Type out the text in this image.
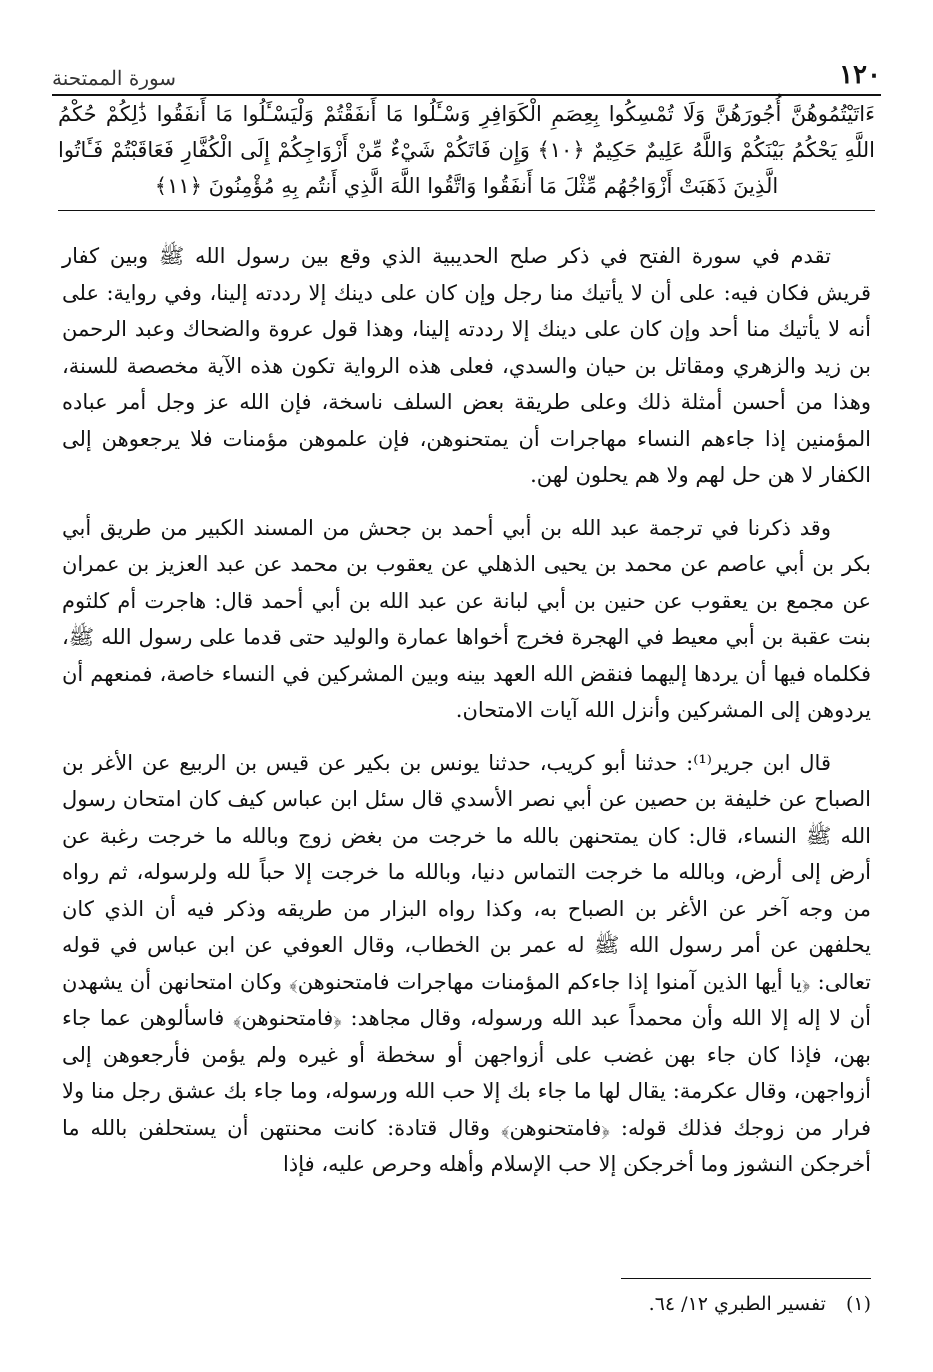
١٢٠
سورة الممتحنة
ءَاتَيْتُمُوهُنَّ أُجُورَهُنَّ وَلَا تُمْسِكُوا بِعِصَمِ الْكَوَافِرِ وَسْـَٔلُوا مَا أَنفَقْتُمْ وَلْيَسْـَٔلُوا مَا أَنفَقُوا ذَٰلِكُمْ حُكْمُ اللَّهِ يَحْكُمُ بَيْنَكُمْ وَاللَّهُ عَلِيمٌ حَكِيمٌ ﴿١٠﴾ وَإِن فَاتَكُمْ شَيْءٌ مِّنْ أَزْوَاجِكُمْ إِلَى الْكُفَّارِ فَعَاقَبْتُمْ فَـَٔاتُوا الَّذِينَ ذَهَبَتْ أَزْوَاجُهُم مِّثْلَ مَا أَنفَقُوا وَاتَّقُوا اللَّهَ الَّذِي أَنتُم بِهِ مُؤْمِنُونَ ﴿١١﴾

تقدم في سورة الفتح في ذكر صلح الحديبية الذي وقع بين رسول الله ﷺ وبين كفار قريش فكان فيه: على أن لا يأتيك منا رجل وإن كان على دينك إلا رددته إلينا، وفي رواية: على أنه لا يأتيك منا أحد وإن كان على دينك إلا رددته إلينا، وهذا قول عروة والضحاك وعبد الرحمن بن زيد والزهري ومقاتل بن حيان والسدي، فعلى هذه الرواية تكون هذه الآية مخصصة للسنة، وهذا من أحسن أمثلة ذلك وعلى طريقة بعض السلف ناسخة، فإن الله عز وجل أمر عباده المؤمنين إذا جاءهم النساء مهاجرات أن يمتحنوهن، فإن علموهن مؤمنات فلا يرجعوهن إلى الكفار لا هن حل لهم ولا هم يحلون لهن.

وقد ذكرنا في ترجمة عبد الله بن أبي أحمد بن جحش من المسند الكبير من طريق أبي بكر بن أبي عاصم عن محمد بن يحيى الذهلي عن يعقوب بن محمد عن عبد العزيز بن عمران عن مجمع بن يعقوب عن حنين بن أبي لبانة عن عبد الله بن أبي أحمد قال: هاجرت أم كلثوم بنت عقبة بن أبي معيط في الهجرة فخرج أخواها عمارة والوليد حتى قدما على رسول الله ﷺ، فكلماه فيها أن يردها إليهما فنقض الله العهد بينه وبين المشركين في النساء خاصة، فمنعهم أن يردوهن إلى المشركين وأنزل الله آيات الامتحان.

قال ابن جرير⁽¹⁾: حدثنا أبو كريب، حدثنا يونس بن بكير عن قيس بن الربيع عن الأغر بن الصباح عن خليفة بن حصين عن أبي نصر الأسدي قال سئل ابن عباس كيف كان امتحان رسول الله ﷺ النساء، قال: كان يمتحنهن بالله ما خرجت من بغض زوج وبالله ما خرجت رغبة عن أرض إلى أرض، وبالله ما خرجت التماس دنيا، وبالله ما خرجت إلا حباً لله ولرسوله، ثم رواه من وجه آخر عن الأغر بن الصباح به، وكذا رواه البزار من طريقه وذكر فيه أن الذي كان يحلفهن عن أمر رسول الله ﷺ له عمر بن الخطاب، وقال العوفي عن ابن عباس في قوله تعالى: ﴿يا أيها الذين آمنوا إذا جاءكم المؤمنات مهاجرات فامتحنوهن﴾ وكان امتحانهن أن يشهدن أن لا إله إلا الله وأن محمداً عبد الله ورسوله، وقال مجاهد: ﴿فامتحنوهن﴾ فاسألوهن عما جاء بهن، فإذا كان جاء بهن غضب على أزواجهن أو سخطة أو غيره ولم يؤمن فأرجعوهن إلى أزواجهن، وقال عكرمة: يقال لها ما جاء بك إلا حب الله ورسوله، وما جاء بك عشق رجل منا ولا فرار من زوجك فذلك قوله: ﴿فامتحنوهن﴾ وقال قتادة: كانت محنتهن أن يستحلفن بالله ما أخرجكن النشوز وما أخرجكن إلا حب الإسلام وأهله وحرص عليه، فإذا

(١) تفسير الطبري ١٢/ ٦٤.
